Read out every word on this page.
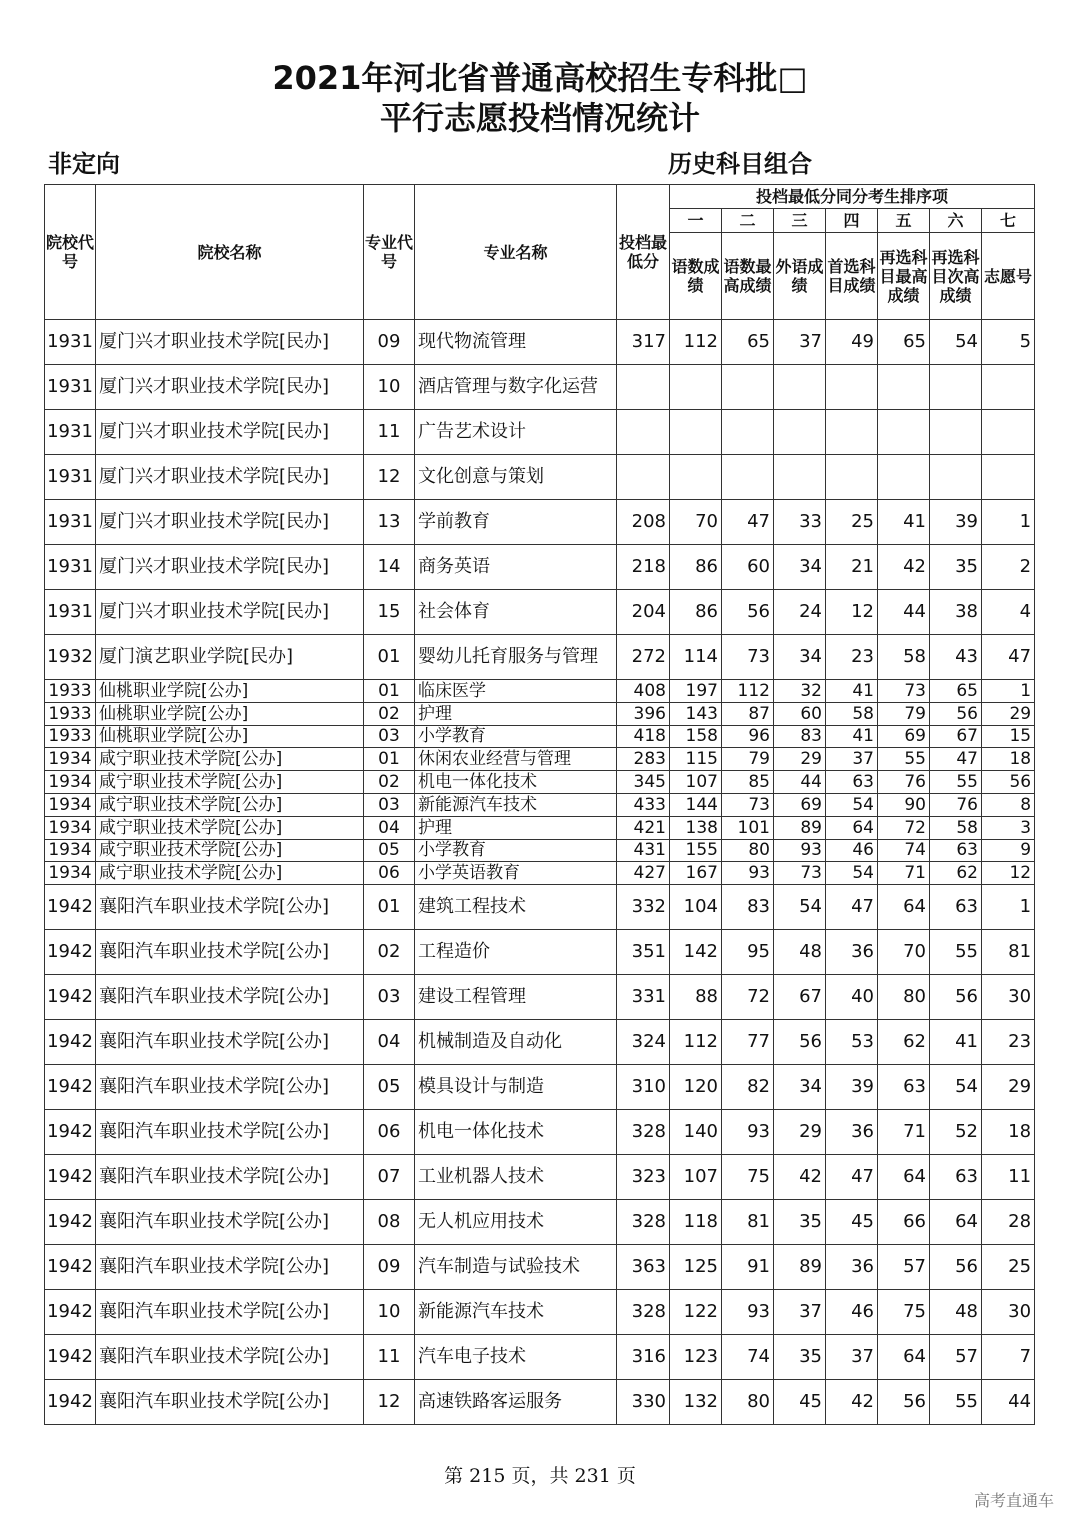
2021年河北省普通高校招生专科批□
平行志愿投档情况统计
非定向	历史科目组合
院校代号	院校名称	专业代号	专业名称	投档最低分	投档最低分同分考生排序项						
					一	二	三	四	五	六	七
					语数成绩	语数最高成绩	外语成绩	首选科目成绩	再选科目最高成绩	再选科目次高成绩	志愿号
1931	厦门兴才职业技术学院[民办]	09	现代物流管理	317	112	65	37	49	65	54	5
1931	厦门兴才职业技术学院[民办]	10	酒店管理与数字化运营								
1931	厦门兴才职业技术学院[民办]	11	广告艺术设计								
1931	厦门兴才职业技术学院[民办]	12	文化创意与策划								
1931	厦门兴才职业技术学院[民办]	13	学前教育	208	70	47	33	25	41	39	1
1931	厦门兴才职业技术学院[民办]	14	商务英语	218	86	60	34	21	42	35	2
1931	厦门兴才职业技术学院[民办]	15	社会体育	204	86	56	24	12	44	38	4
1932	厦门演艺职业学院[民办]	01	婴幼儿托育服务与管理	272	114	73	34	23	58	43	47
1933	仙桃职业学院[公办]	01	临床医学	408	197	112	32	41	73	65	1
1933	仙桃职业学院[公办]	02	护理	396	143	87	60	58	79	56	29
1933	仙桃职业学院[公办]	03	小学教育	418	158	96	83	41	69	67	15
1934	咸宁职业技术学院[公办]	01	休闲农业经营与管理	283	115	79	29	37	55	47	18
1934	咸宁职业技术学院[公办]	02	机电一体化技术	345	107	85	44	63	76	55	56
1934	咸宁职业技术学院[公办]	03	新能源汽车技术	433	144	73	69	54	90	76	8
1934	咸宁职业技术学院[公办]	04	护理	421	138	101	89	64	72	58	3
1934	咸宁职业技术学院[公办]	05	小学教育	431	155	80	93	46	74	63	9
1934	咸宁职业技术学院[公办]	06	小学英语教育	427	167	93	73	54	71	62	12
1942	襄阳汽车职业技术学院[公办]	01	建筑工程技术	332	104	83	54	47	64	63	1
1942	襄阳汽车职业技术学院[公办]	02	工程造价	351	142	95	48	36	70	55	81
1942	襄阳汽车职业技术学院[公办]	03	建设工程管理	331	88	72	67	40	80	56	30
1942	襄阳汽车职业技术学院[公办]	04	机械制造及自动化	324	112	77	56	53	62	41	23
1942	襄阳汽车职业技术学院[公办]	05	模具设计与制造	310	120	82	34	39	63	54	29
1942	襄阳汽车职业技术学院[公办]	06	机电一体化技术	328	140	93	29	36	71	52	18
1942	襄阳汽车职业技术学院[公办]	07	工业机器人技术	323	107	75	42	47	64	63	11
1942	襄阳汽车职业技术学院[公办]	08	无人机应用技术	328	118	81	35	45	66	64	28
1942	襄阳汽车职业技术学院[公办]	09	汽车制造与试验技术	363	125	91	89	36	57	56	25
1942	襄阳汽车职业技术学院[公办]	10	新能源汽车技术	328	122	93	37	46	75	48	30
1942	襄阳汽车职业技术学院[公办]	11	汽车电子技术	316	123	74	35	37	64	57	7
1942	襄阳汽车职业技术学院[公办]	12	高速铁路客运服务	330	132	80	45	42	56	55	44
第 215 页，共 231 页
高考直通车
